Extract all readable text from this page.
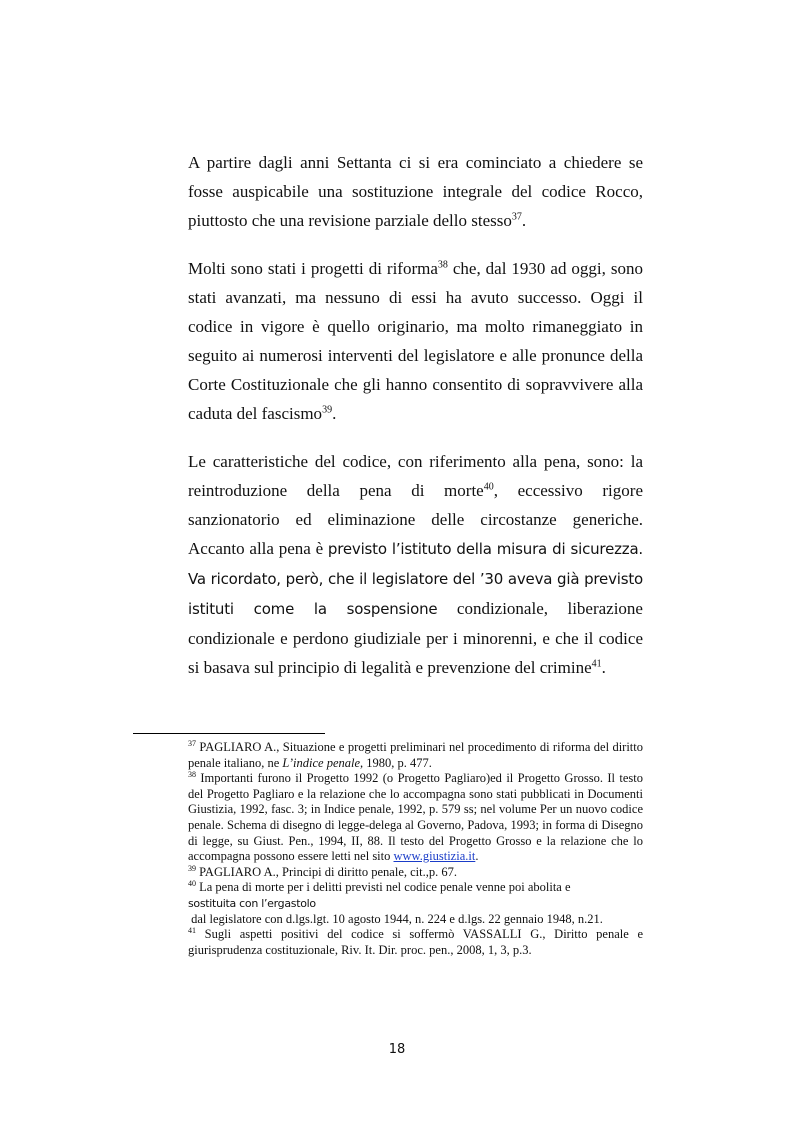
A partire dagli anni Settanta ci si era cominciato a chiedere se fosse auspicabile una sostituzione integrale del codice Rocco, piuttosto che una revisione parziale dello stesso$^{37}$.

Molti sono stati i progetti di riforma$^{38}$ che, dal 1930 ad oggi, sono stati avanzati, ma nessuno di essi ha avuto successo. Oggi il codice in vigore è quello originario, ma molto rimaneggiato in seguito ai numerosi interventi del legislatore e alle pronunce della Corte Costituzionale che gli hanno consentito di sopravvivere alla caduta del fascismo$^{39}$.

Le caratteristiche del codice, con riferimento alla pena, sono: la reintroduzione della pena di morte$^{40}$, eccessivo rigore sanzionatorio ed eliminazione delle circostanze generiche. Accanto alla pena è previsto l’istituto della misura di sicurezza. Va ricordato, però, che il legislatore del ’30 aveva già previsto istituti come la sospensione condizionale, liberazione condizionale e perdono giudiziale per i minorenni, e che il codice si basava sul principio di legalità e prevenzione del crimine$^{41}$.

$^{37}$ PAGLIARO A., Situazione e progetti preliminari nel procedimento di riforma del diritto penale italiano, ne L’indice penale, 1980, p. 477.

$^{38}$ Importanti furono il Progetto 1992 (o Progetto Pagliaro)ed il Progetto Grosso. Il testo del Progetto Pagliaro e la relazione che lo accompagna sono stati pubblicati in Documenti Giustizia, 1992, fasc. 3; in Indice penale, 1992, p. 579 ss; nel volume Per un nuovo codice penale. Schema di disegno di legge-delega al Governo, Padova, 1993; in forma di Disegno di legge, su Giust. Pen., 1994, II, 88. Il testo del Progetto Grosso e la relazione che lo accompagna possono essere letti nel sito www.giustizia.it.

$^{39}$ PAGLIARO A., Principi di diritto penale, cit.,p. 67.

$^{40}$ La pena di morte per i delitti previsti nel codice penale venne poi abolita e
sostituita con l’ergastolo
dal legislatore con d.lgs.lgt. 10 agosto 1944, n. 224 e d.lgs. 22 gennaio 1948, n.21.

$^{41}$ Sugli aspetti positivi del codice si soffermò VASSALLI G., Diritto penale e giurisprudenza costituzionale, Riv. It. Dir. proc. pen., 2008, 1, 3, p.3.

18
